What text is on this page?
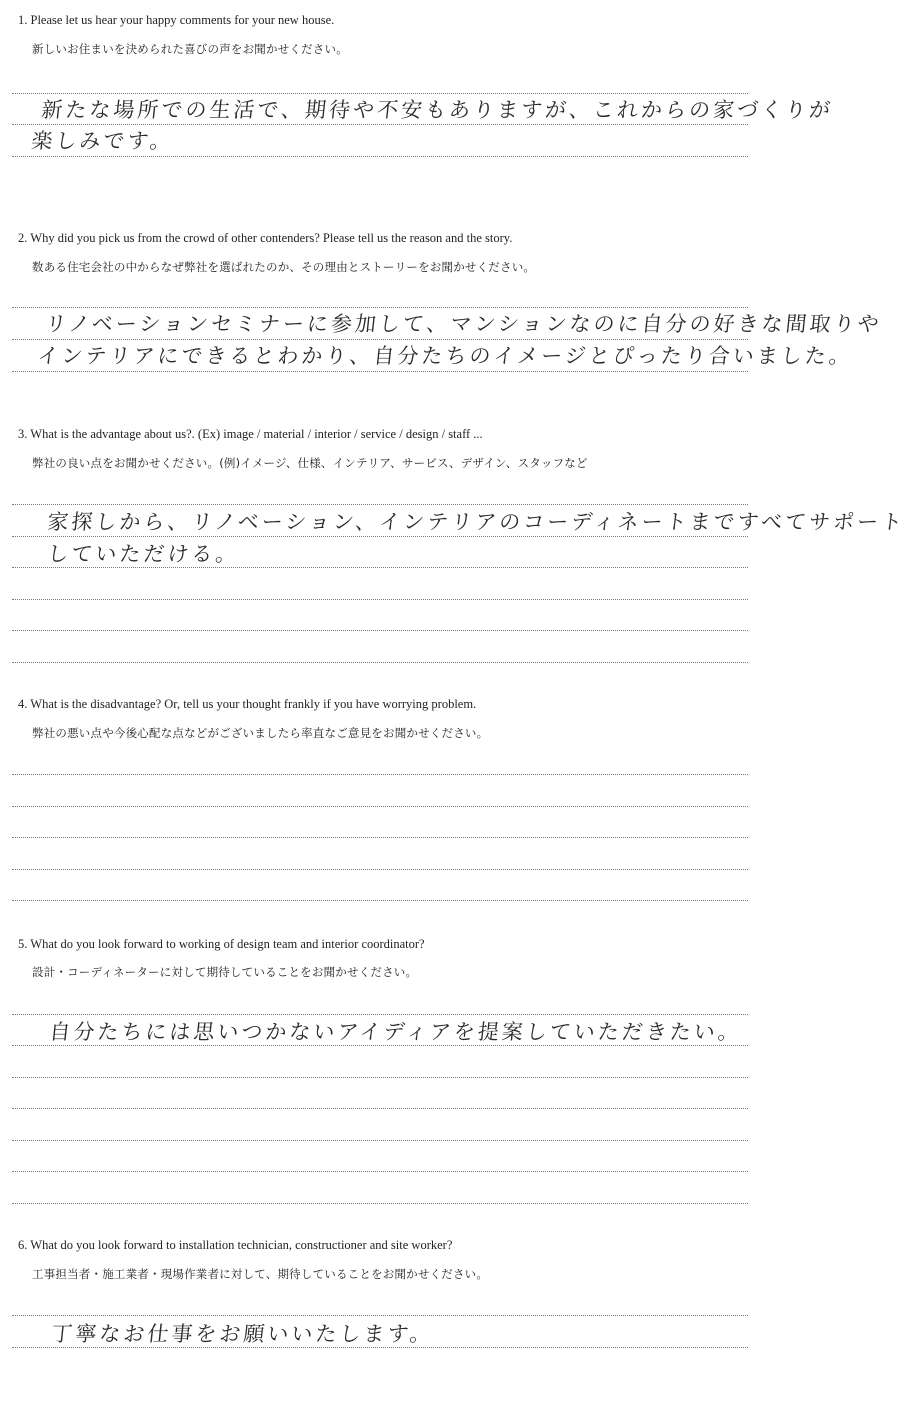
1. Please let us hear your happy comments for your new house.
新しいお住まいを決められた喜びの声をお聞かせください。
新たな場所での生活で、期待や不安もありますが、これからの家づくりが
楽しみです。
2. Why did you pick us from the crowd of other contenders? Please tell us the reason and the story.
数ある住宅会社の中からなぜ弊社を選ばれたのか、その理由とストーリーをお聞かせください。
リノベーションセミナーに参加して、マンションなのに自分の好きな間取りや
インテリアにできるとわかり、自分たちのイメージとぴったり合いました。
3. What is the advantage about us?. (Ex) image / material / interior / service / design / staff ...
弊社の良い点をお聞かせください。(例)イメージ、仕様、インテリア、サービス、デザイン、スタッフなど
家探しから、リノベーション、インテリアのコーディネートまですべてサポート
していただける。
4. What is the disadvantage? Or, tell us your thought frankly if you have worrying problem.
弊社の悪い点や今後心配な点などがございましたら率直なご意見をお聞かせください。
5. What do you look forward to working of design team and interior coordinator?
設計・コーディネーターに対して期待していることをお聞かせください。
自分たちには思いつかないアイディアを提案していただきたい。
6. What do you look forward to installation technician, constructioner and site worker?
工事担当者・施工業者・現場作業者に対して、期待していることをお聞かせください。
丁寧なお仕事をお願いいたします。
